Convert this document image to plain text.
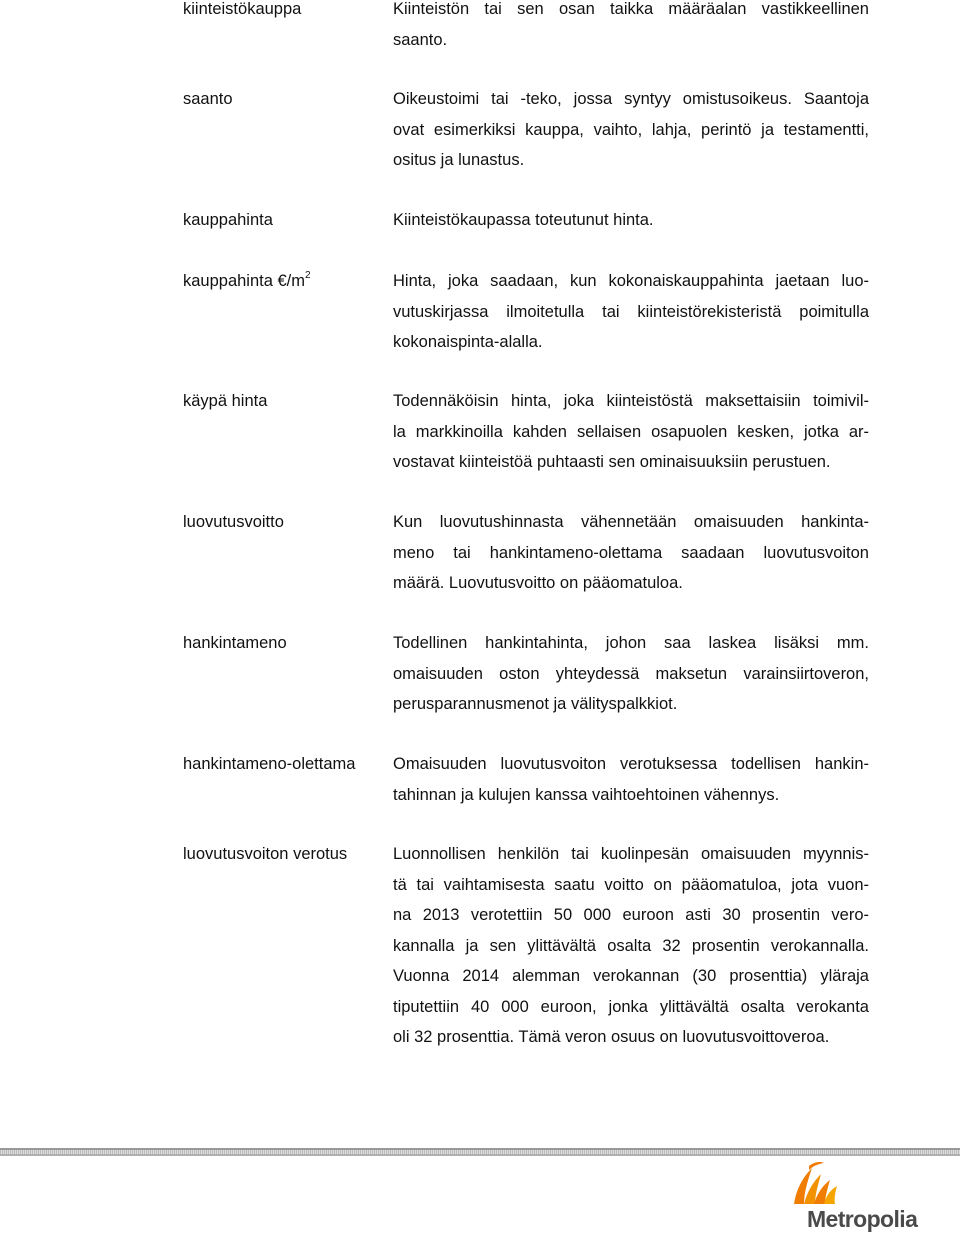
kiinteistökauppa	Kiinteistön tai sen osan taikka määräalan vastikkeellinen
saanto.
saanto	Oikeustoimi tai -teko, jossa syntyy omistusoikeus. Saantoja
ovat esimerkiksi kauppa, vaihto, lahja, perintö ja testamentti,
ositus ja lunastus.
kauppahinta	Kiinteistökaupassa toteutunut hinta.
kauppahinta $€/m^2$	Hinta, joka saadaan, kun kokonaiskauppahinta jaetaan luo-
vutuskirjassa ilmoitetulla tai kiinteistörekisteristä poimitulla
kokonaispinta-alalla.
käypä hinta	Todennäköisin hinta, joka kiinteistöstä maksettaisiin toimivil-
la markkinoilla kahden sellaisen osapuolen kesken, jotka ar-
vostavat kiinteistöä puhtaasti sen ominaisuuksiin perustuen.
luovutusvoitto	Kun luovutushinnasta vähennetään omaisuuden hankinta-
meno tai hankintameno-olettama saadaan luovutusvoiton
määrä. Luovutusvoitto on pääomatuloa.
hankintameno	Todellinen hankintahinta, johon saa laskea lisäksi mm.
omaisuuden oston yhteydessä maksetun varainsiirtoveron,
perusparannusmenot ja välityspalkkiot.
hankintameno-olettama Omaisuuden luovutusvoiton verotuksessa todellisen hankin-
tahinnan ja kulujen kanssa vaihtoehtoinen vähennys.
luovutusvoiton verotus	Luonnollisen henkilön tai kuolinpesän omaisuuden myynnis-
tä tai vaihtamisesta saatu voitto on pääomatuloa, jota vuon-
na 2013 verotettiin 50 000 euroon asti 30 prosentin vero-
kannalla ja sen ylittävältä osalta 32 prosentin verokannalla.
Vuonna 2014 alemman verokannan (30 prosenttia) yläraja
tiputettiin 40 000 euroon, jonka ylittävältä osalta verokanta
oli 32 prosenttia. Tämä veron osuus on luovutusvoittoveroa.
Metropolia
